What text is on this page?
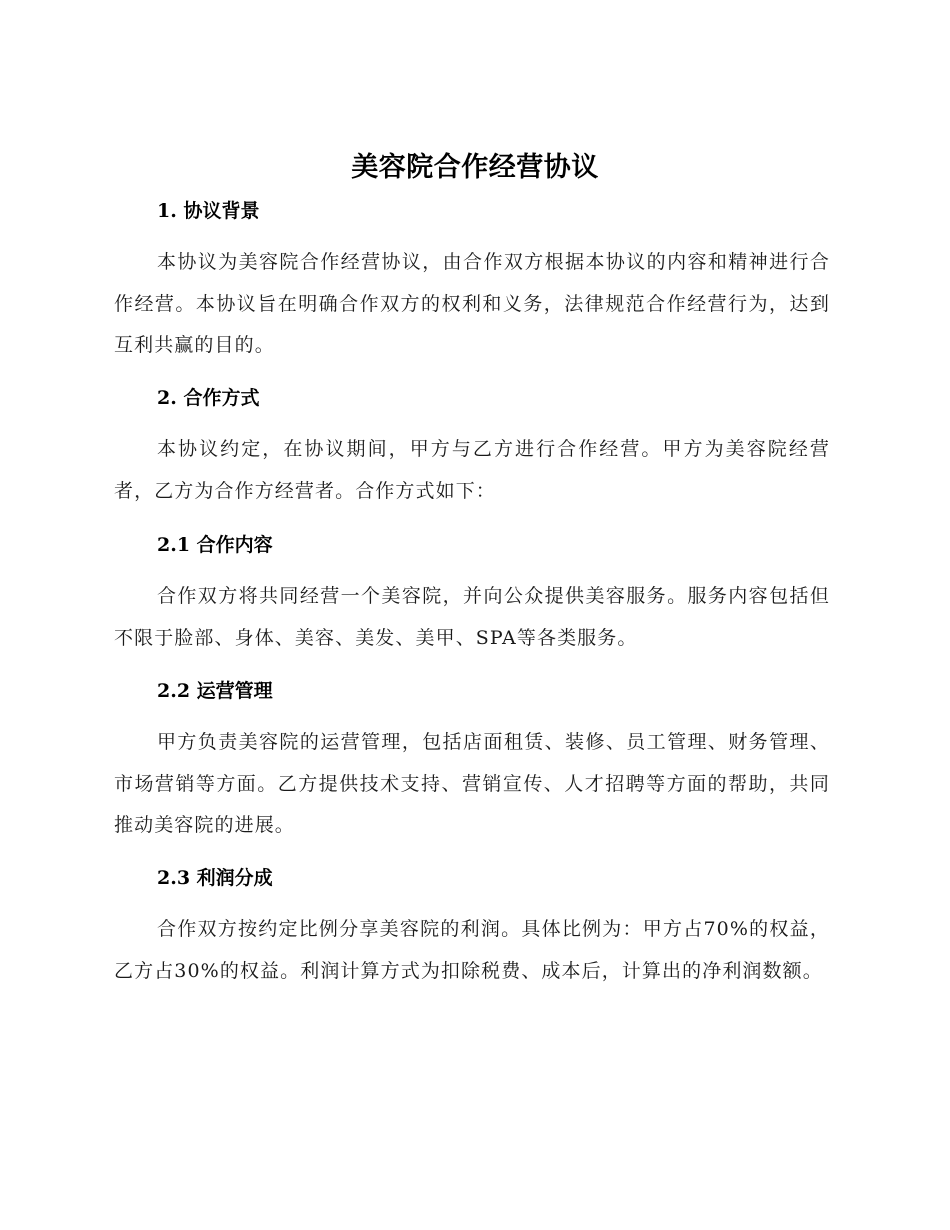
美容院合作经营协议
1. 协议背景
本协议为美容院合作经营协议，由合作双方根据本协议的内容和精神进行合作经营。本协议旨在明确合作双方的权利和义务，法律规范合作经营行为，达到互利共赢的目的。
2. 合作方式
本协议约定，在协议期间，甲方与乙方进行合作经营。甲方为美容院经营者，乙方为合作方经营者。合作方式如下：
2.1 合作内容
合作双方将共同经营一个美容院，并向公众提供美容服务。服务内容包括但不限于脸部、身体、美容、美发、美甲、SPA等各类服务。
2.2 运营管理
甲方负责美容院的运营管理，包括店面租赁、装修、员工管理、财务管理、市场营销等方面。乙方提供技术支持、营销宣传、人才招聘等方面的帮助，共同推动美容院的进展。
2.3 利润分成
合作双方按约定比例分享美容院的利润。具体比例为：甲方占70%的权益，乙方占30%的权益。利润计算方式为扣除税费、成本后，计算出的净利润数额。
